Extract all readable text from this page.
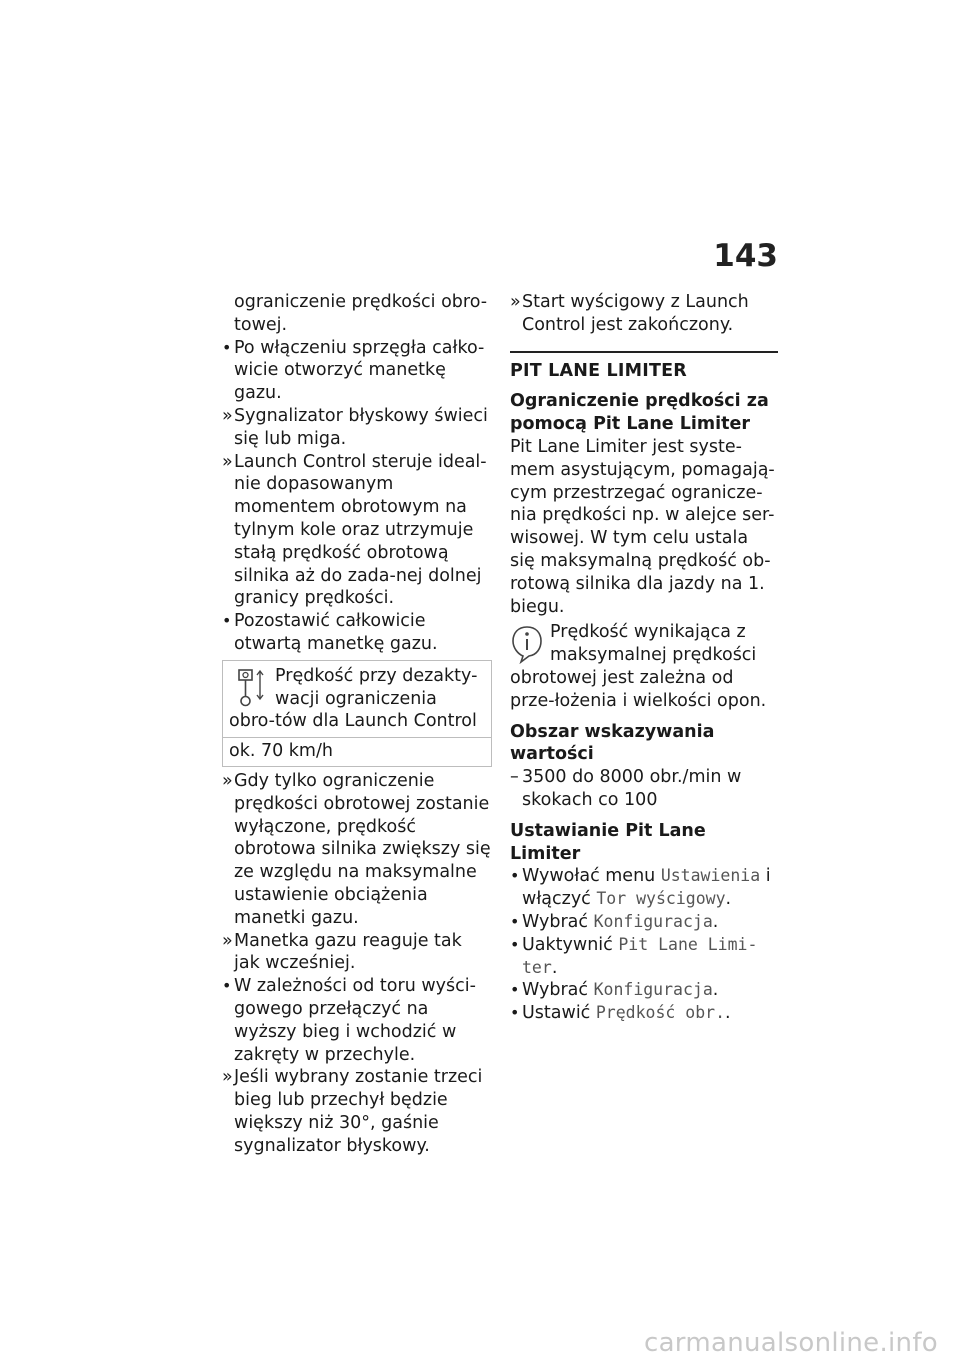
143
ograniczenie prędkości obro-towej.
• Po włączeniu sprzęgła całko-wicie otworzyć manetkę gazu.
» Sygnalizator błyskowy świeci się lub miga.
» Launch Control steruje ideal-nie dopasowanym momentem obrotowym na tylnym kole oraz utrzymuje stałą prędkość obrotową silnika aż do zada-nej dolnej granicy prędkości.
• Pozostawić całkowicie otwartą manetkę gazu.
Prędkość przy dezakty-wacji ograniczenia obro-tów dla Launch Control
ok. 70 km/h
» Gdy tylko ograniczenie prędkości obrotowej zostanie wyłączone, prędkość obrotowa silnika zwiększy się ze względu na maksymalne ustawienie obciążenia manetki gazu.
» Manetka gazu reaguje tak jak wcześniej.
• W zależności od toru wyści-gowego przełączyć na wyższy bieg i wchodzić w zakręty w przechyle.
» Jeśli wybrany zostanie trzeci bieg lub przechył będzie większy niż 30°, gaśnie sygnalizator błyskowy.
» Start wyścigowy z Launch Control jest zakończony.
PIT LANE LIMITER
Ograniczenie prędkości za pomocą Pit Lane Limiter
Pit Lane Limiter jest syste-mem asystującym, pomagają-cym przestrzegać ogranicze-nia prędkości np. w alejce ser-wisowej. W tym celu ustala się maksymalną prędkość ob-rotową silnika dla jazdy na 1. biegu.
Prędkość wynikająca z maksymalnej prędkości obrotowej jest zależna od prze-łożenia i wielkości opon.
Obszar wskazywania wartości
– 3500 do 8000 obr./min w skokach co 100
Ustawianie Pit Lane Limiter
• Wywołać menu Ustawienia i włączyć Tor wyścigowy.
• Wybrać Konfiguracja.
• Uaktywnić Pit Lane Limi-ter.
• Wybrać Konfiguracja.
• Ustawić Prędkość obr..
carmanualsonline.info
